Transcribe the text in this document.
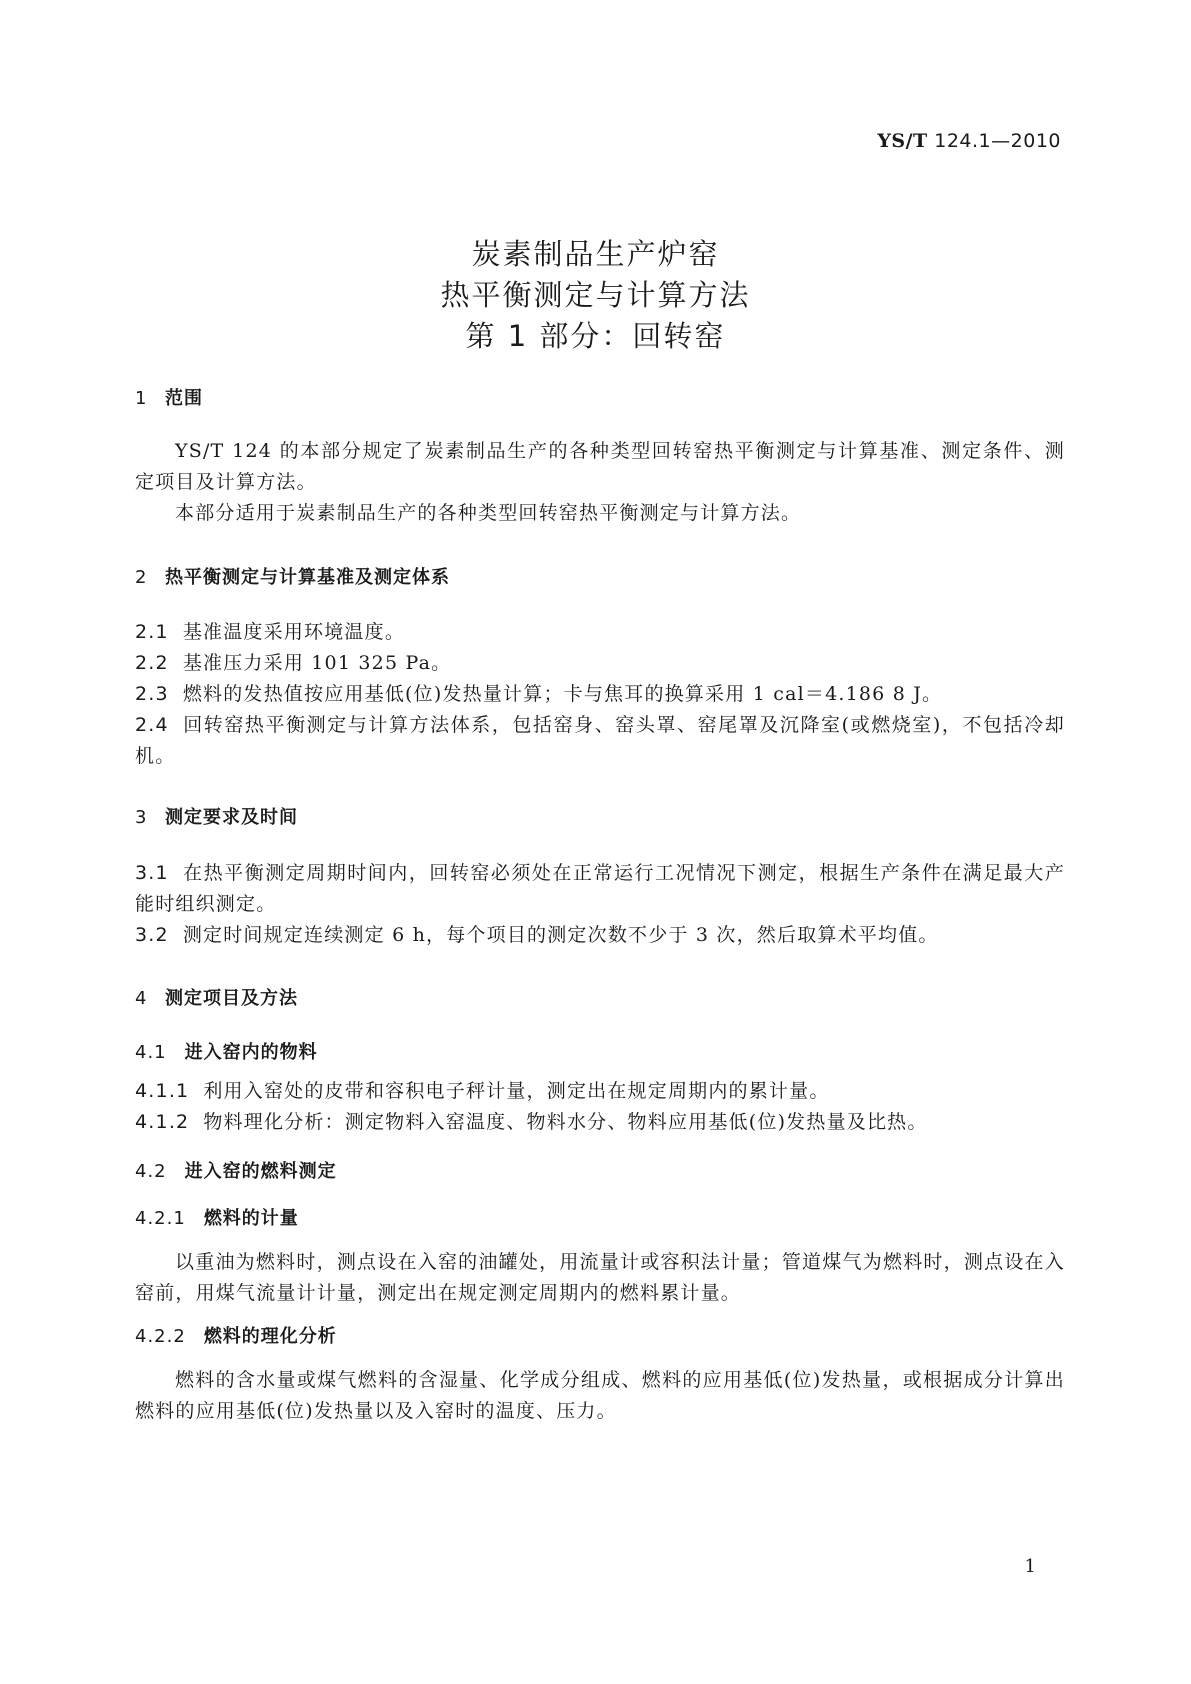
YS/T 124.1—2010
炭素制品生产炉窑
热平衡测定与计算方法
第 1 部分：回转窑
1 范围
YS/T 124 的本部分规定了炭素制品生产的各种类型回转窑热平衡测定与计算基准、测定条件、测定项目及计算方法。
本部分适用于炭素制品生产的各种类型回转窑热平衡测定与计算方法。
2 热平衡测定与计算基准及测定体系
2.1 基准温度采用环境温度。
2.2 基准压力采用 101 325 Pa。
2.3 燃料的发热值按应用基低(位)发热量计算；卡与焦耳的换算采用 1 cal＝4.186 8 J。
2.4 回转窑热平衡测定与计算方法体系，包括窑身、窑头罩、窑尾罩及沉降室(或燃烧室)，不包括冷却机。
3 测定要求及时间
3.1 在热平衡测定周期时间内，回转窑必须处在正常运行工况情况下测定，根据生产条件在满足最大产能时组织测定。
3.2 测定时间规定连续测定 6 h，每个项目的测定次数不少于 3 次，然后取算术平均值。
4 测定项目及方法
4.1 进入窑内的物料
4.1.1 利用入窑处的皮带和容积电子秤计量，测定出在规定周期内的累计量。
4.1.2 物料理化分析：测定物料入窑温度、物料水分、物料应用基低(位)发热量及比热。
4.2 进入窑的燃料测定
4.2.1 燃料的计量
以重油为燃料时，测点设在入窑的油罐处，用流量计或容积法计量；管道煤气为燃料时，测点设在入窑前，用煤气流量计计量，测定出在规定测定周期内的燃料累计量。
4.2.2 燃料的理化分析
燃料的含水量或煤气燃料的含湿量、化学成分组成、燃料的应用基低(位)发热量，或根据成分计算出燃料的应用基低(位)发热量以及入窑时的温度、压力。
1
